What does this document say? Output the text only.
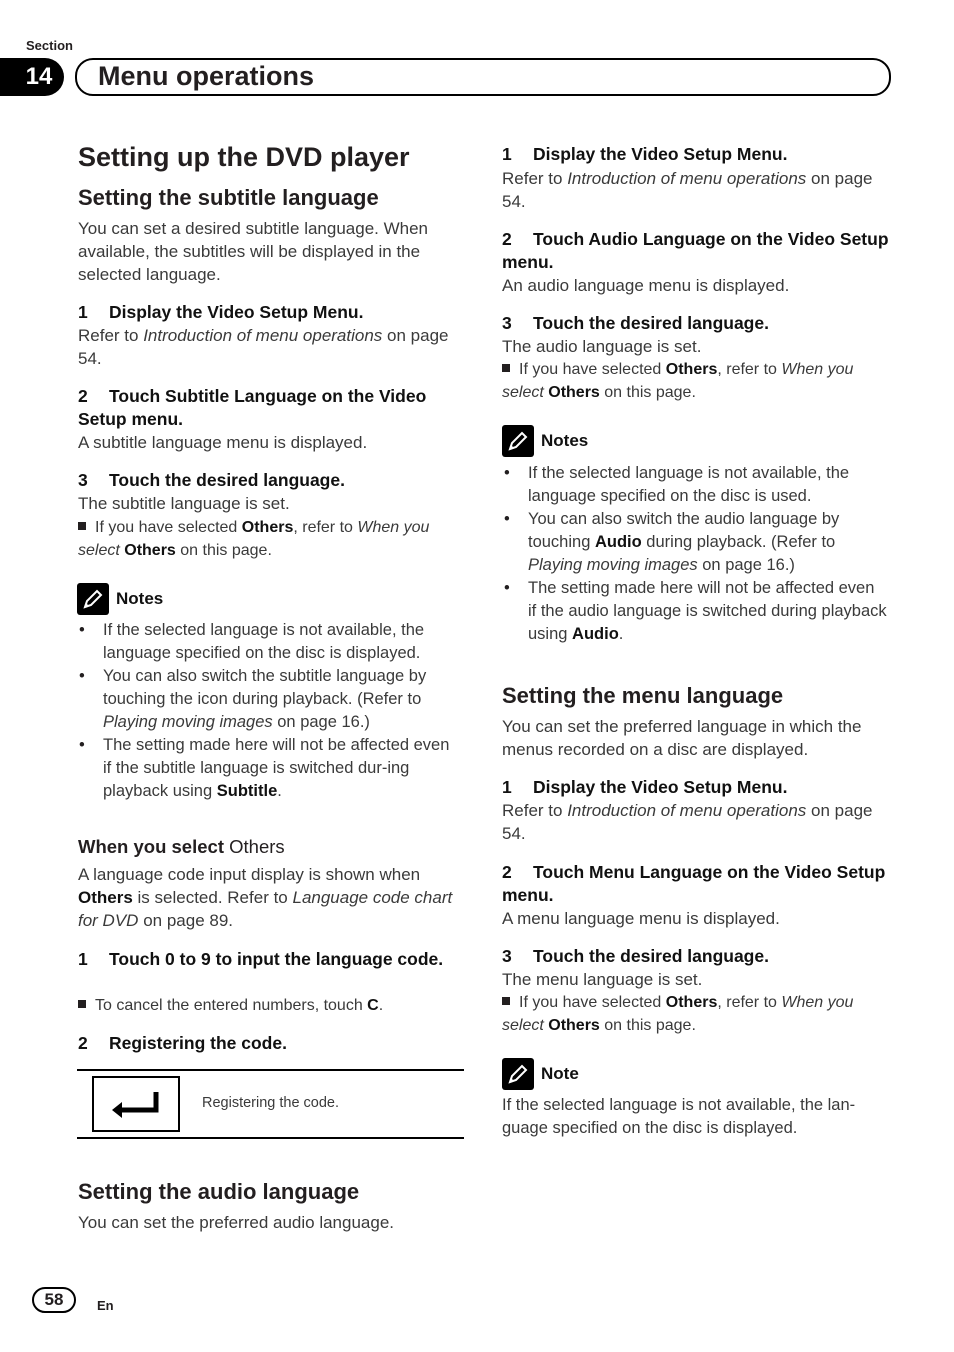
Section
14	Menu operations
Setting up the DVD player
Setting the subtitle language

You can set a desired subtitle language. When available, the subtitles will be displayed in the selected language.

1 Display the Video Setup Menu.

Refer to Introduction of menu operations on page 54.

2 Touch Subtitle Language on the Video Setup menu.

A subtitle language menu is displayed.

3 Touch the desired language.

The subtitle language is set.

If you have selected Others, refer to When you select Others on this page.

Notes
• If the selected language is not available, the language specified on the disc is displayed.
• You can also switch the subtitle language by touching the icon during playback. (Refer to Playing moving images on page 16.)
• The setting made here will not be affected even if the subtitle language is switched dur-ing playback using Subtitle.

When you select Others

A language code input display is shown when Others is selected. Refer to Language code chart for DVD on page 89.

1 Touch 0 to 9 to input the language code.

To cancel the entered numbers, touch C.

2 Registering the code.

Registering the code.
Setting the audio language

You can set the preferred audio language.

1 Display the Video Setup Menu.

Refer to Introduction of menu operations on page 54.

2 Touch Audio Language on the Video Setup menu.

An audio language menu is displayed.

3 Touch the desired language.

The audio language is set.

If you have selected Others, refer to When you select Others on this page.

Notes
• If the selected language is not available, the language specified on the disc is used.
• You can also switch the audio language by touching Audio during playback. (Refer to Playing moving images on page 16.)
• The setting made here will not be affected even if the audio language is switched during playback using Audio.
Setting the menu language

You can set the preferred language in which the menus recorded on a disc are displayed.

1 Display the Video Setup Menu.

Refer to Introduction of menu operations on page 54.

2 Touch Menu Language on the Video Setup menu.

A menu language menu is displayed.

3 Touch the desired language.

The menu language is set.

If you have selected Others, refer to When you select Others on this page.

Note

If the selected language is not available, the lan-guage specified on the disc is displayed.

58	En
